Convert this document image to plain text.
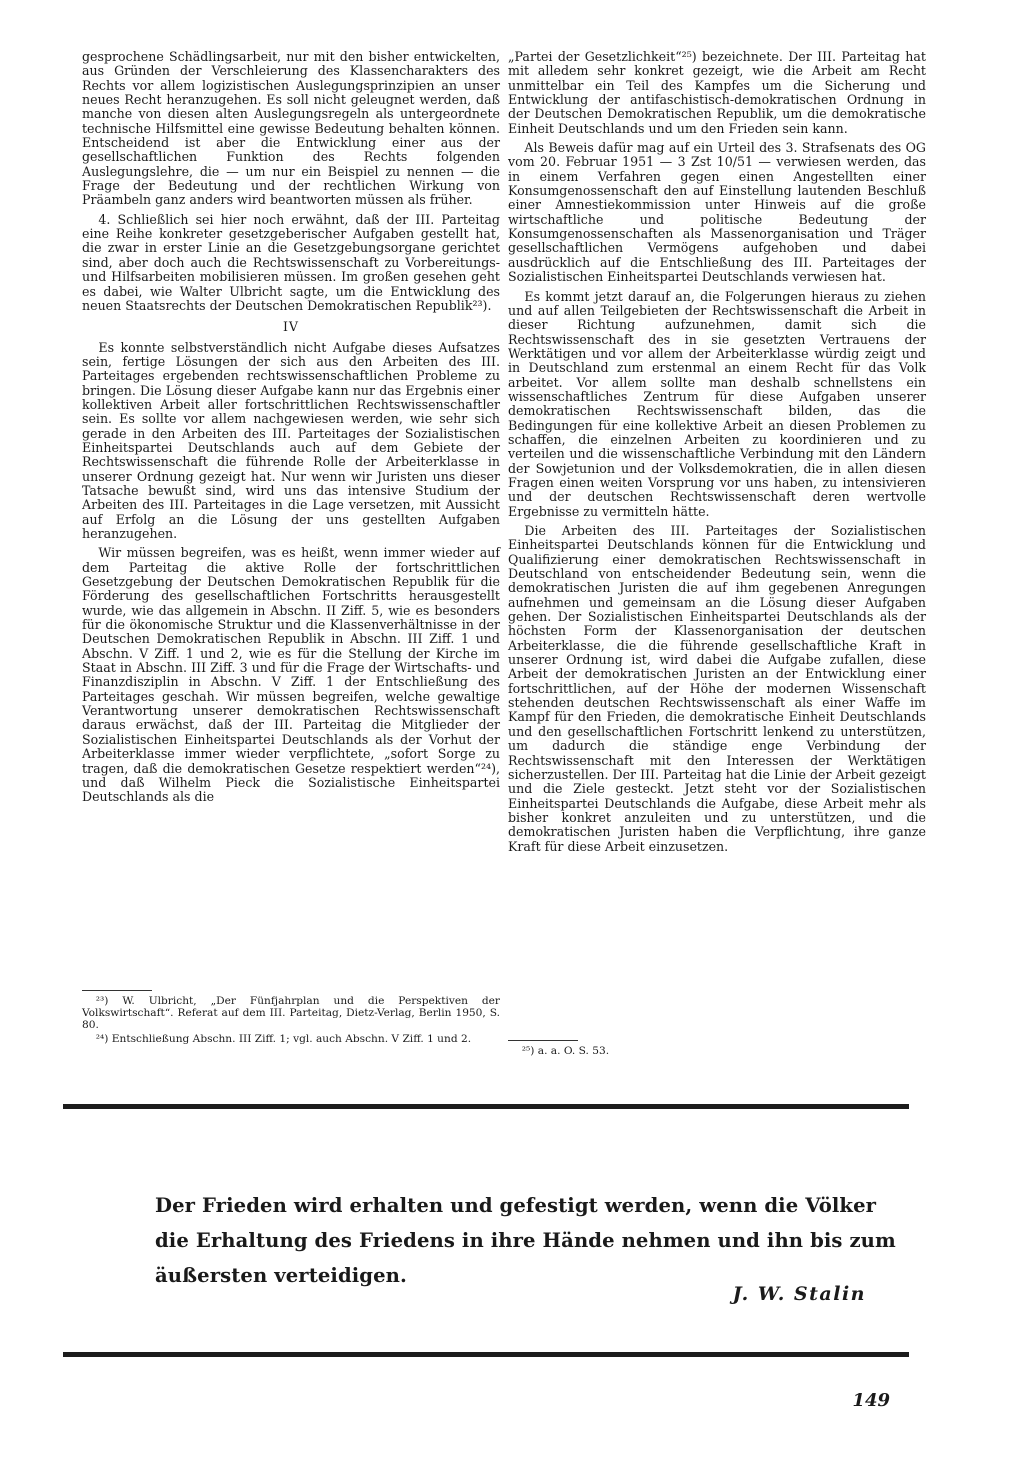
gesprochene Schädlingsarbeit, nur mit den bisher entwickelten, aus Gründen der Verschleierung des Klassencharakters des Rechts vor allem logizistischen Auslegungsprinzipien an unser neues Recht heranzugehen. Es soll nicht geleugnet werden, daß manche von diesen alten Auslegungsregeln als untergeordnete technische Hilfsmittel eine gewisse Bedeutung behalten können. Entscheidend ist aber die Entwicklung einer aus der gesellschaftlichen Funktion des Rechts folgenden Auslegungslehre, die — um nur ein Beispiel zu nennen — die Frage der Bedeutung und der rechtlichen Wirkung von Präambeln ganz anders wird beantworten müssen als früher.

4. Schließlich sei hier noch erwähnt, daß der III. Parteitag eine Reihe konkreter gesetzgeberischer Aufgaben gestellt hat, die zwar in erster Linie an die Gesetzgebungsorgane gerichtet sind, aber doch auch die Rechtswissenschaft zu Vorbereitungs- und Hilfsarbeiten mobilisieren müssen. Im großen gesehen geht es dabei, wie Walter Ulbricht sagte, um die Entwicklung des neuen Staatsrechts der Deutschen Demokratischen Republik²³).

IV

Es konnte selbstverständlich nicht Aufgabe dieses Aufsatzes sein, fertige Lösungen der sich aus den Arbeiten des III. Parteitages ergebenden rechtswissenschaftlichen Probleme zu bringen. Die Lösung dieser Aufgabe kann nur das Ergebnis einer kollektiven Arbeit aller fortschrittlichen Rechtswissenschaftler sein. Es sollte vor allem nachgewiesen werden, wie sehr sich gerade in den Arbeiten des III. Parteitages der Sozialistischen Einheitspartei Deutschlands auch auf dem Gebiete der Rechtswissenschaft die führende Rolle der Arbeiterklasse in unserer Ordnung gezeigt hat. Nur wenn wir Juristen uns dieser Tatsache bewußt sind, wird uns das intensive Studium der Arbeiten des III. Parteitages in die Lage versetzen, mit Aussicht auf Erfolg an die Lösung der uns gestellten Aufgaben heranzugehen.

Wir müssen begreifen, was es heißt, wenn immer wieder auf dem Parteitag die aktive Rolle der fortschrittlichen Gesetzgebung der Deutschen Demokratischen Republik für die Förderung des gesellschaftlichen Fortschritts herausgestellt wurde, wie das allgemein in Abschn. II Ziff. 5, wie es besonders für die ökonomische Struktur und die Klassenverhältnisse in der Deutschen Demokratischen Republik in Abschn. III Ziff. 1 und Abschn. V Ziff. 1 und 2, wie es für die Stellung der Kirche im Staat in Abschn. III Ziff. 3 und für die Frage der Wirtschafts- und Finanzdisziplin in Abschn. V Ziff. 1 der Entschließung des Parteitages geschah. Wir müssen begreifen, welche gewaltige Verantwortung unserer demokratischen Rechtswissenschaft daraus erwächst, daß der III. Parteitag die Mitglieder der Sozialistischen Einheitspartei Deutschlands als der Vorhut der Arbeiterklasse immer wieder verpflichtete, „sofort Sorge zu tragen, daß die demokratischen Gesetze respektiert werden“²⁴), und daß Wilhelm Pieck die Sozialistische Einheitspartei Deutschlands als die

²³) W. Ulbricht, „Der Fünfjahrplan und die Perspektiven der Volkswirtschaft“. Referat auf dem III. Parteitag, Dietz-Verlag, Berlin 1950, S. 80.

²⁴) Entschließung Abschn. III Ziff. 1; vgl. auch Abschn. V Ziff. 1 und 2.

„Partei der Gesetzlichkeit“²⁵) bezeichnete. Der III. Parteitag hat mit alledem sehr konkret gezeigt, wie die Arbeit am Recht unmittelbar ein Teil des Kampfes um die Sicherung und Entwicklung der antifaschistisch-demokratischen Ordnung in der Deutschen Demokratischen Republik, um die demokratische Einheit Deutschlands und um den Frieden sein kann.

Als Beweis dafür mag auf ein Urteil des 3. Strafsenats des OG vom 20. Februar 1951 — 3 Zst 10/51 — verwiesen werden, das in einem Verfahren gegen einen Angestellten einer Konsumgenossenschaft den auf Einstellung lautenden Beschluß einer Amnestiekommission unter Hinweis auf die große wirtschaftliche und politische Bedeutung der Konsumgenossenschaften als Massenorganisation und Träger gesellschaftlichen Vermögens aufgehoben und dabei ausdrücklich auf die Entschließung des III. Parteitages der Sozialistischen Einheitspartei Deutschlands verwiesen hat.

Es kommt jetzt darauf an, die Folgerungen hieraus zu ziehen und auf allen Teilgebieten der Rechtswissenschaft die Arbeit in dieser Richtung aufzunehmen, damit sich die Rechtswissenschaft des in sie gesetzten Vertrauens der Werktätigen und vor allem der Arbeiterklasse würdig zeigt und in Deutschland zum erstenmal an einem Recht für das Volk arbeitet. Vor allem sollte man deshalb schnellstens ein wissenschaftliches Zentrum für diese Aufgaben unserer demokratischen Rechtswissenschaft bilden, das die Bedingungen für eine kollektive Arbeit an diesen Problemen zu schaffen, die einzelnen Arbeiten zu koordinieren und zu verteilen und die wissenschaftliche Verbindung mit den Ländern der Sowjetunion und der Volksdemokratien, die in allen diesen Fragen einen weiten Vorsprung vor uns haben, zu intensivieren und der deutschen Rechtswissenschaft deren wertvolle Ergebnisse zu vermitteln hätte.

Die Arbeiten des III. Parteitages der Sozialistischen Einheitspartei Deutschlands können für die Entwicklung und Qualifizierung einer demokratischen Rechtswissenschaft in Deutschland von entscheidender Bedeutung sein, wenn die demokratischen Juristen die auf ihm gegebenen Anregungen aufnehmen und gemeinsam an die Lösung dieser Aufgaben gehen. Der Sozialistischen Einheitspartei Deutschlands als der höchsten Form der Klassenorganisation der deutschen Arbeiterklasse, die die führende gesellschaftliche Kraft in unserer Ordnung ist, wird dabei die Aufgabe zufallen, diese Arbeit der demokratischen Juristen an der Entwicklung einer fortschrittlichen, auf der Höhe der modernen Wissenschaft stehenden deutschen Rechtswissenschaft als einer Waffe im Kampf für den Frieden, die demokratische Einheit Deutschlands und den gesellschaftlichen Fortschritt lenkend zu unterstützen, um dadurch die ständige enge Verbindung der Rechtswissenschaft mit den Interessen der Werktätigen sicherzustellen. Der III. Parteitag hat die Linie der Arbeit gezeigt und die Ziele gesteckt. Jetzt steht vor der Sozialistischen Einheitspartei Deutschlands die Aufgabe, diese Arbeit mehr als bisher konkret anzuleiten und zu unterstützen, und die demokratischen Juristen haben die Verpflichtung, ihre ganze Kraft für diese Arbeit einzusetzen.

²⁵) a. a. O. S. 53.

Der Frieden wird erhalten und gefestigt werden, wenn die Völker
die Erhaltung des Friedens in ihre Hände nehmen und ihn bis zum
äußersten verteidigen.
J. W. Stalin
149
